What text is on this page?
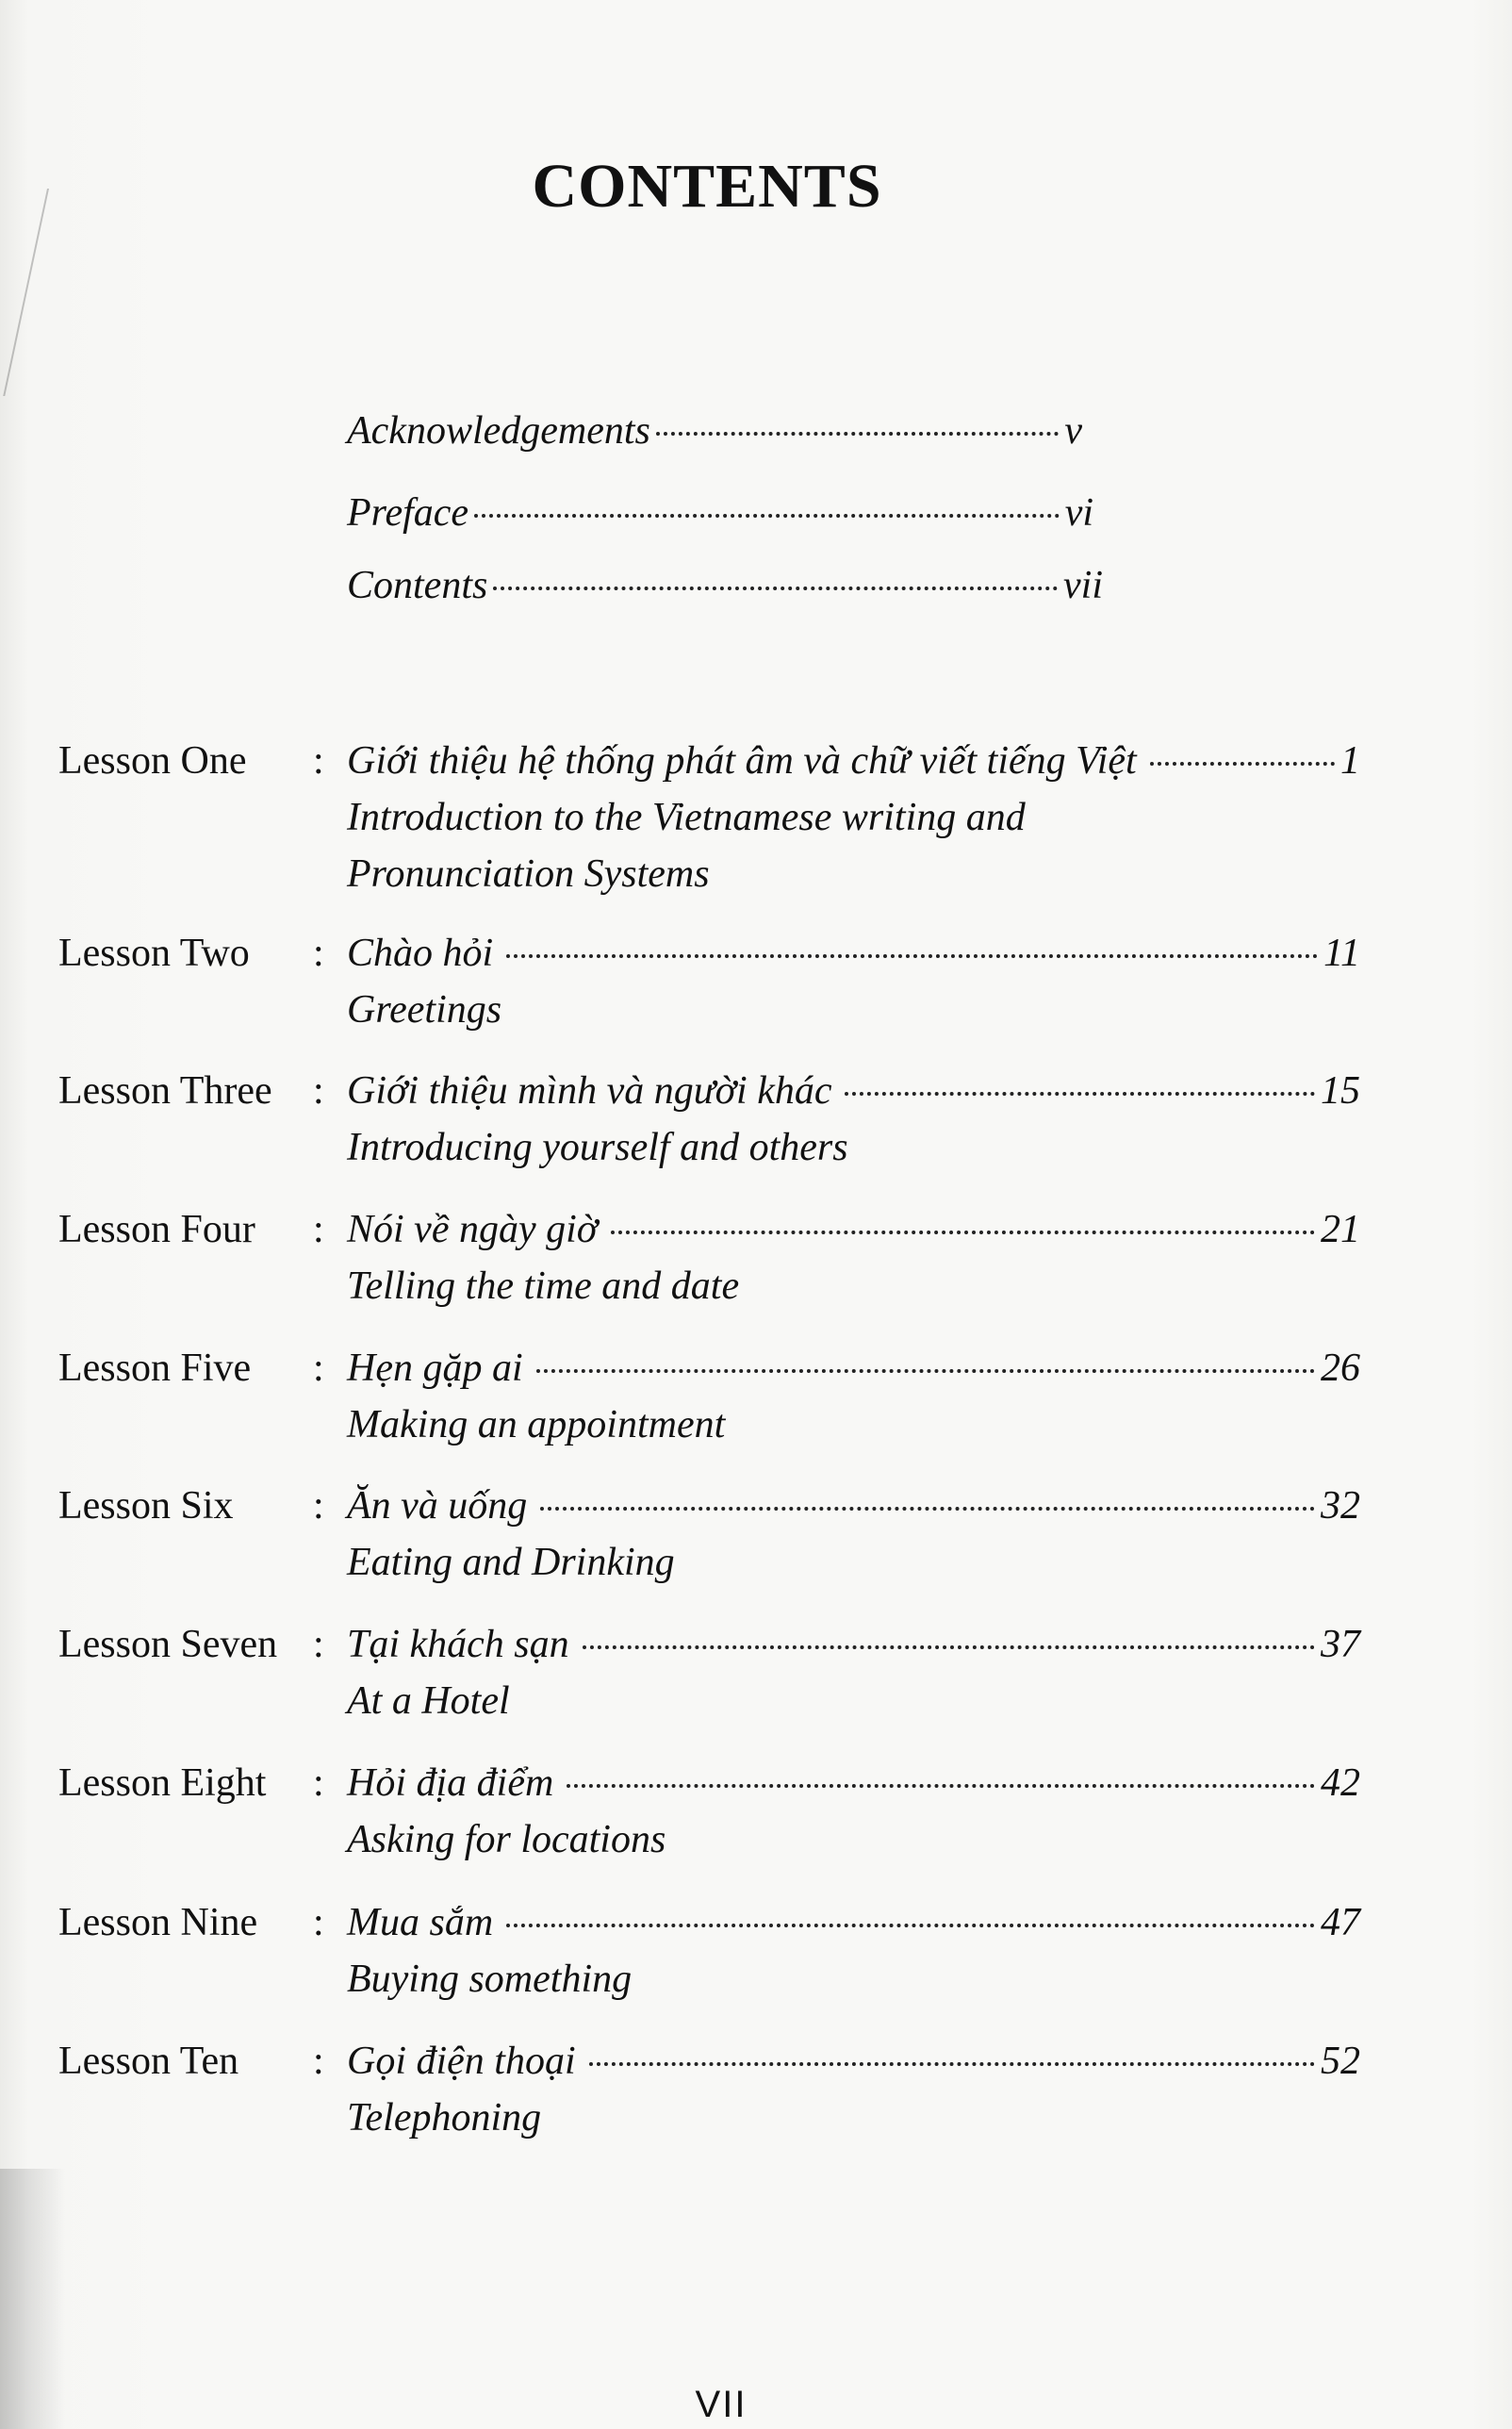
CONTENTS
Acknowledgements	v
Preface	vi
Contents	vii
Lesson One : Giới thiệu hệ thống phát âm và chữ viết tiếng Việt	1
Introduction to the Vietnamese writing and
Pronunciation Systems
Lesson Two : Chào hỏi	11
Greetings
Lesson Three : Giới thiệu mình và người khác	15
Introducing yourself and others
Lesson Four : Nói về ngày giờ	21
Telling the time and date
Lesson Five : Hẹn gặp ai	26
Making an appointment
Lesson Six : Ăn và uống	32
Eating and Drinking
Lesson Seven : Tại khách sạn	37
At a Hotel
Lesson Eight : Hỏi địa điểm	42
Asking for locations
Lesson Nine : Mua sắm	47
Buying something
Lesson Ten : Gọi điện thoại	52
Telephoning
VII
